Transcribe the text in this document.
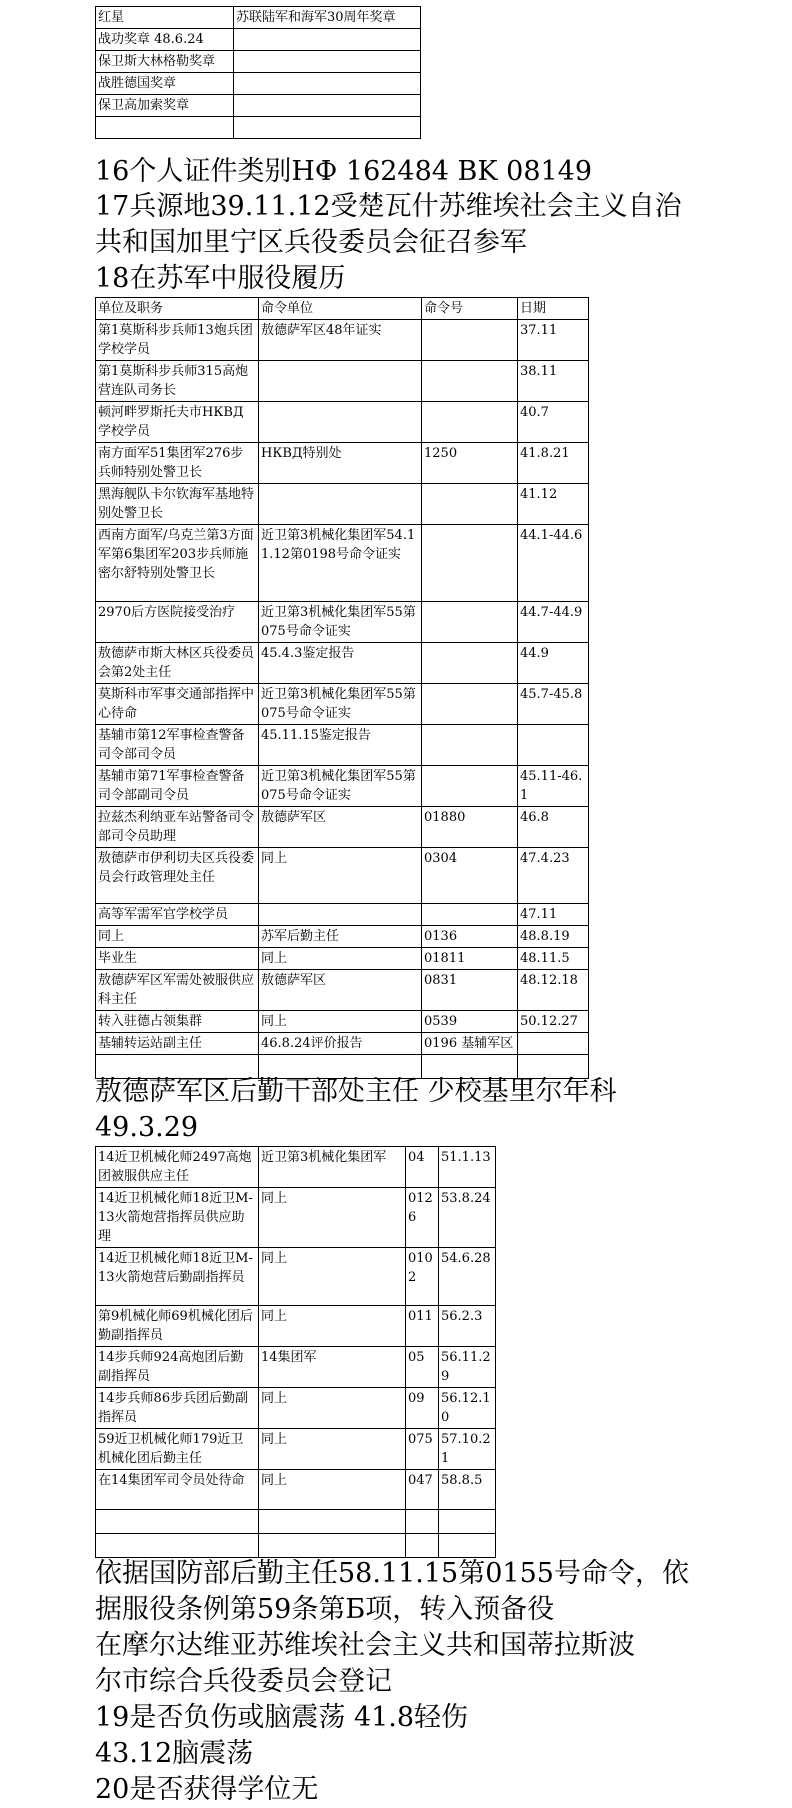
红星	苏联陆军和海军30周年奖章
战功奖章 48.6.24	
保卫斯大林格勒奖章	
战胜德国奖章	
保卫高加索奖章	

16个人证件类别НФ 162484 BK 08149

17兵源地39.11.12受楚瓦什苏维埃社会主义自治

共和国加里宁区兵役委员会征召参军

18在苏军中服役履历

单位及职务	命令单位	命令号	日期
第1莫斯科步兵师13炮兵团学校学员	敖德萨军区48年证实		37.11
第1莫斯科步兵师315高炮营连队司务长			38.11
顿河畔罗斯托夫市НКВД学校学员			40.7
南方面军51集团军276步兵师特别处警卫长	НКВД特别处	1250	41.8.21
黑海舰队卡尔钦海军基地特别处警卫长			41.12
西南方面军/乌克兰第3方面军第6集团军203步兵师施密尔舒特别处警卫长	近卫第3机械化集团军54.11.12第0198号命令证实		44.1-44.6
2970后方医院接受治疗	近卫第3机械化集团军55第075号命令证实		44.7-44.9
敖德萨市斯大林区兵役委员会第2处主任	45.4.3鉴定报告		44.9
莫斯科市军事交通部指挥中心待命	近卫第3机械化集团军55第075号命令证实		45.7-45.8
基辅市第12军事检查警备司令部司令员	45.11.15鉴定报告		
基辅市第71军事检查警备司令部副司令员	近卫第3机械化集团军55第075号命令证实		45.11-46.1
拉兹杰利纳亚车站警备司令部司令员助理	敖德萨军区	01880	46.8
敖德萨市伊利切夫区兵役委员会行政管理处主任	同上	0304	47.4.23
高等军需军官学校学员			47.11
同上	苏军后勤主任	0136	48.8.19
毕业生	同上	01811	48.11.5
敖德萨军区军需处被服供应科主任	敖德萨军区	0831	48.12.18
转入驻德占领集群	同上	0539	50.12.27
基辅转运站副主任	46.8.24评价报告	0196 基辅军区	

敖德萨军区后勤干部处主任 少校基里尔年科

49.3.29

14近卫机械化师2497高炮团被服供应主任	近卫第3机械化集团军	04	51.1.13
14近卫机械化师18近卫M-13火箭炮营指挥员供应助理	同上	0126	53.8.24
14近卫机械化师18近卫M-13火箭炮营后勤副指挥员	同上	0102	54.6.28
第9机械化师69机械化团后勤副指挥员	同上	011	56.2.3
14步兵师924高炮团后勤副指挥员	14集团军	05	56.11.29
14步兵师86步兵团后勤副指挥员	同上	09	56.12.10
59近卫机械化师179近卫机械化团后勤主任	同上	075	57.10.21
在14集团军司令员处待命	同上	047	58.8.5

依据国防部后勤主任58.11.15第0155号命令，依

据服役条例第59条第Б项，转入预备役

在摩尔达维亚苏维埃社会主义共和国蒂拉斯波

尔市综合兵役委员会登记

19是否负伤或脑震荡 41.8轻伤

43.12脑震荡

20是否获得学位无
